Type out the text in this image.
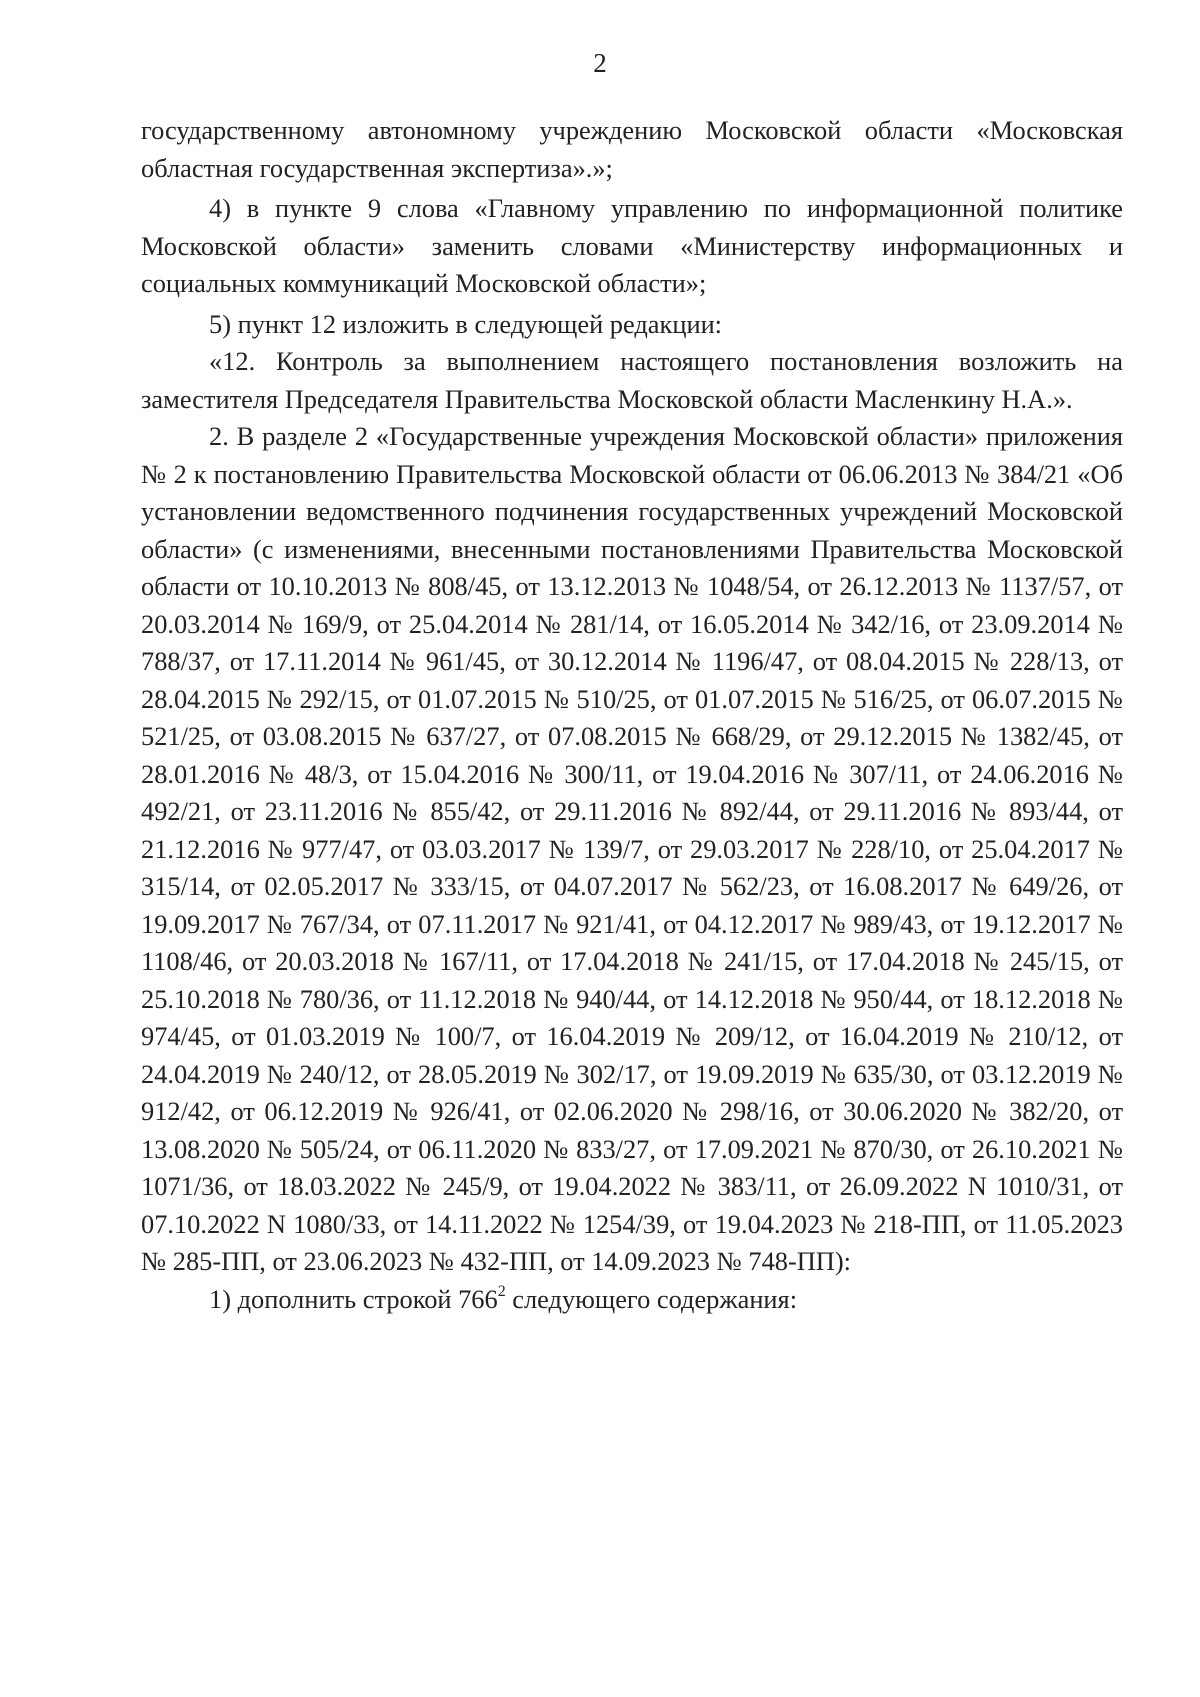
2

государственному автономному учреждению Московской области «Московская областная государственная экспертиза».»;

4) в пункте 9 слова «Главному управлению по информационной политике Московской области» заменить словами «Министерству информационных и социальных коммуникаций Московской области»;

5) пункт 12 изложить в следующей редакции:

«12. Контроль за выполнением настоящего постановления возложить на заместителя Председателя Правительства Московской области Масленкину Н.А.».

2. В разделе 2 «Государственные учреждения Московской области» приложения № 2 к постановлению Правительства Московской области от 06.06.2013 № 384/21 «Об установлении ведомственного подчинения государственных учреждений Московской области» (с изменениями, внесенными постановлениями Правительства Московской области от 10.10.2013 № 808/45, от 13.12.2013 № 1048/54, от 26.12.2013 № 1137/57, от 20.03.2014 № 169/9, от 25.04.2014 № 281/14, от 16.05.2014 № 342/16, от 23.09.2014 № 788/37, от 17.11.2014 № 961/45, от 30.12.2014 № 1196/47, от 08.04.2015 № 228/13, от 28.04.2015 № 292/15, от 01.07.2015 № 510/25, от 01.07.2015 № 516/25, от 06.07.2015 № 521/25, от 03.08.2015 № 637/27, от 07.08.2015 № 668/29, от 29.12.2015 № 1382/45, от 28.01.2016 № 48/3, от 15.04.2016 № 300/11, от 19.04.2016 № 307/11, от 24.06.2016 № 492/21, от 23.11.2016 № 855/42, от 29.11.2016 № 892/44, от 29.11.2016 № 893/44, от 21.12.2016 № 977/47, от 03.03.2017 № 139/7, от 29.03.2017 № 228/10, от 25.04.2017 № 315/14, от 02.05.2017 № 333/15, от 04.07.2017 № 562/23, от 16.08.2017 № 649/26, от 19.09.2017 № 767/34, от 07.11.2017 № 921/41, от 04.12.2017 № 989/43, от 19.12.2017 № 1108/46, от 20.03.2018 № 167/11, от 17.04.2018 № 241/15, от 17.04.2018 № 245/15, от 25.10.2018 № 780/36, от 11.12.2018 № 940/44, от 14.12.2018 № 950/44, от 18.12.2018 № 974/45, от 01.03.2019 № 100/7, от 16.04.2019 № 209/12, от 16.04.2019 № 210/12, от 24.04.2019 № 240/12, от 28.05.2019 № 302/17, от 19.09.2019 № 635/30, от 03.12.2019 № 912/42, от 06.12.2019 № 926/41, от 02.06.2020 № 298/16, от 30.06.2020 № 382/20, от 13.08.2020 № 505/24, от 06.11.2020 № 833/27, от 17.09.2021 № 870/30, от 26.10.2021 № 1071/36, от 18.03.2022 № 245/9, от 19.04.2022 № 383/11, от 26.09.2022 N 1010/31, от 07.10.2022 N 1080/33, от 14.11.2022 № 1254/39, от 19.04.2023 № 218-ПП, от 11.05.2023 № 285-ПП, от 23.06.2023 № 432-ПП, от 14.09.2023 № 748-ПП):

1) дополнить строкой $766^2$ следующего содержания:
